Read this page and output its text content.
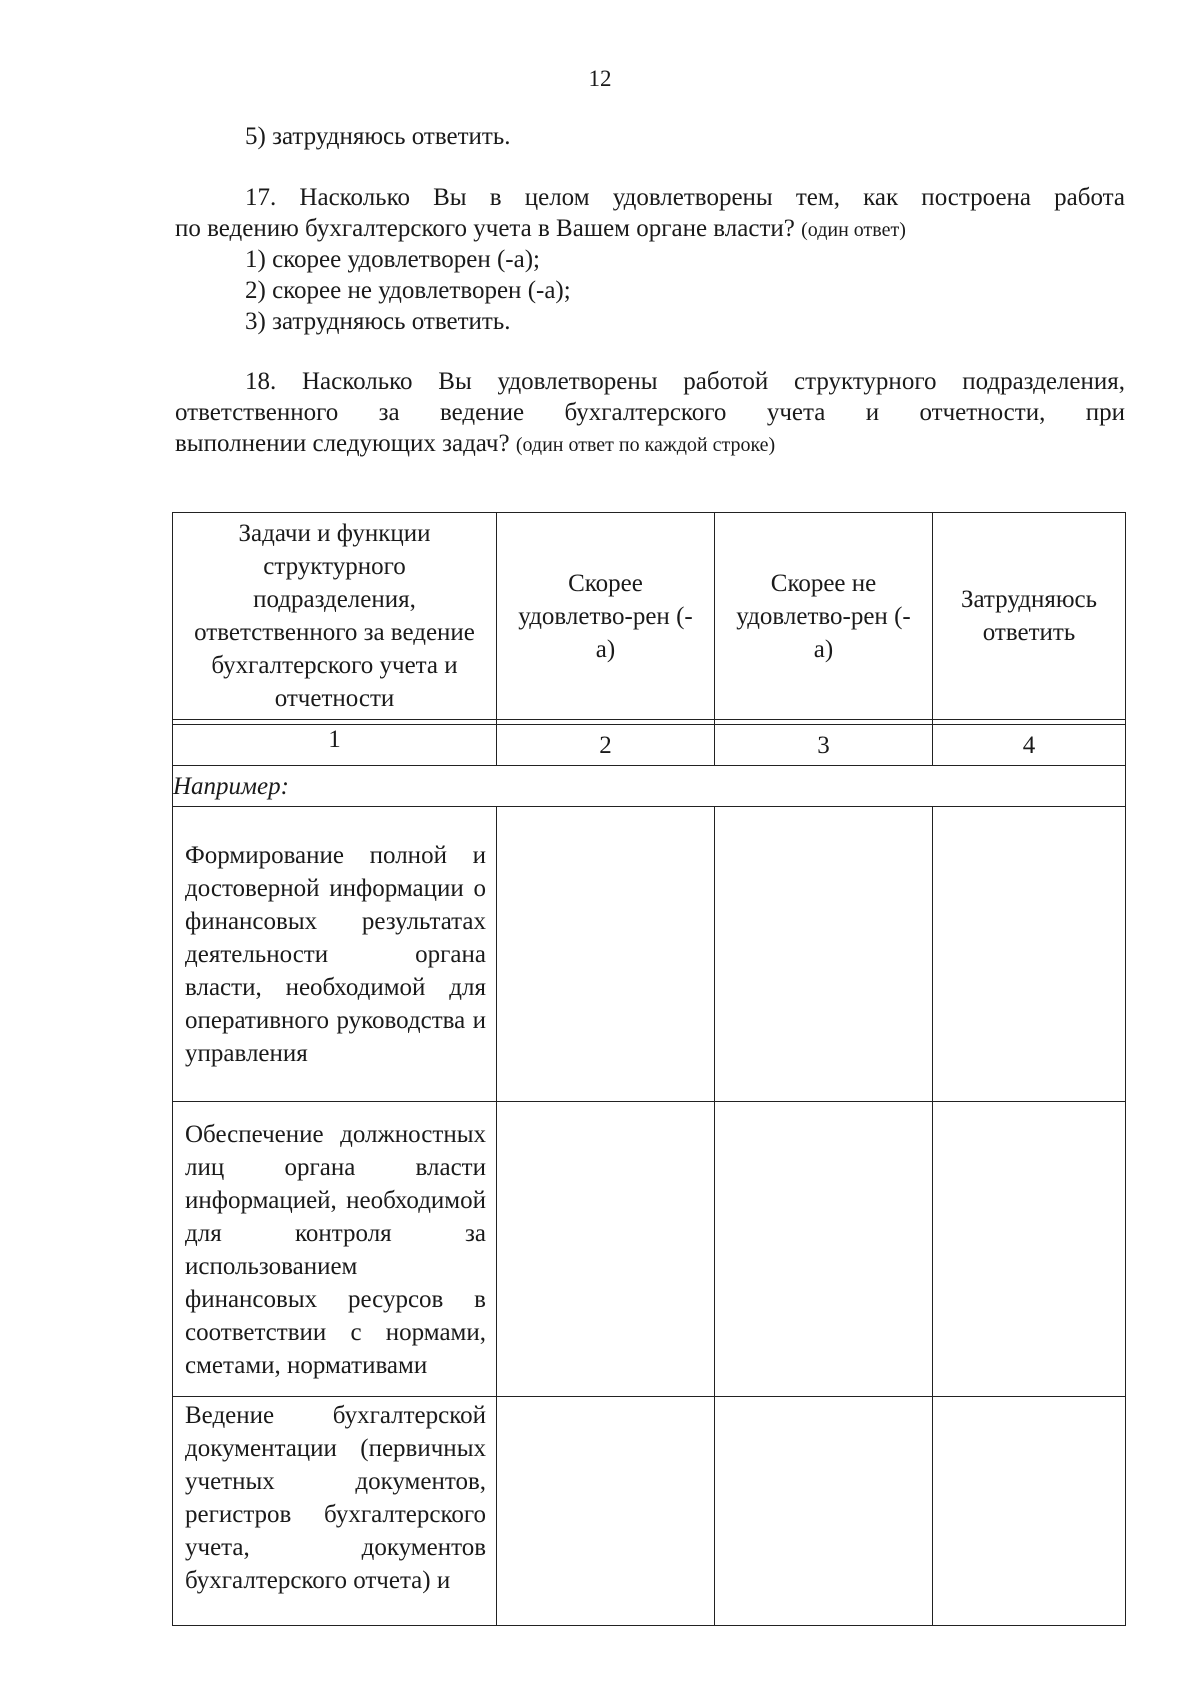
12
5) затрудняюсь ответить.
17. Насколько Вы в целом удовлетворены тем, как построена работа
по ведению бухгалтерского учета в Вашем органе власти? (один ответ)
1) скорее удовлетворен (-а);
2) скорее не удовлетворен (-а);
3) затрудняюсь ответить.
18. Насколько Вы удовлетворены работой структурного подразделения,
ответственного за ведение бухгалтерского учета и отчетности, при
выполнении следующих задач? (один ответ по каждой строке)
Задачи и функции структурного подразделения, ответственного за ведение бухгалтерского учета и отчетности	Скорее удовлетво-рен (-а)	Скорее не удовлетво-рен (-а)	Затрудняюсь ответить

1	2	3	4
Например:			

Формирование полной и достоверной информации о финансовых результатах деятельности органа власти, необходимой для оперативного руководства и управления			

Обеспечение должностных лиц органа власти информацией, необходимой для контроля за использованием финансовых ресурсов в соответствии с нормами, сметами, нормативами			

Ведение бухгалтерской документации (первичных учетных документов, регистров бухгалтерского учета, документов бухгалтерского отчета) и			
